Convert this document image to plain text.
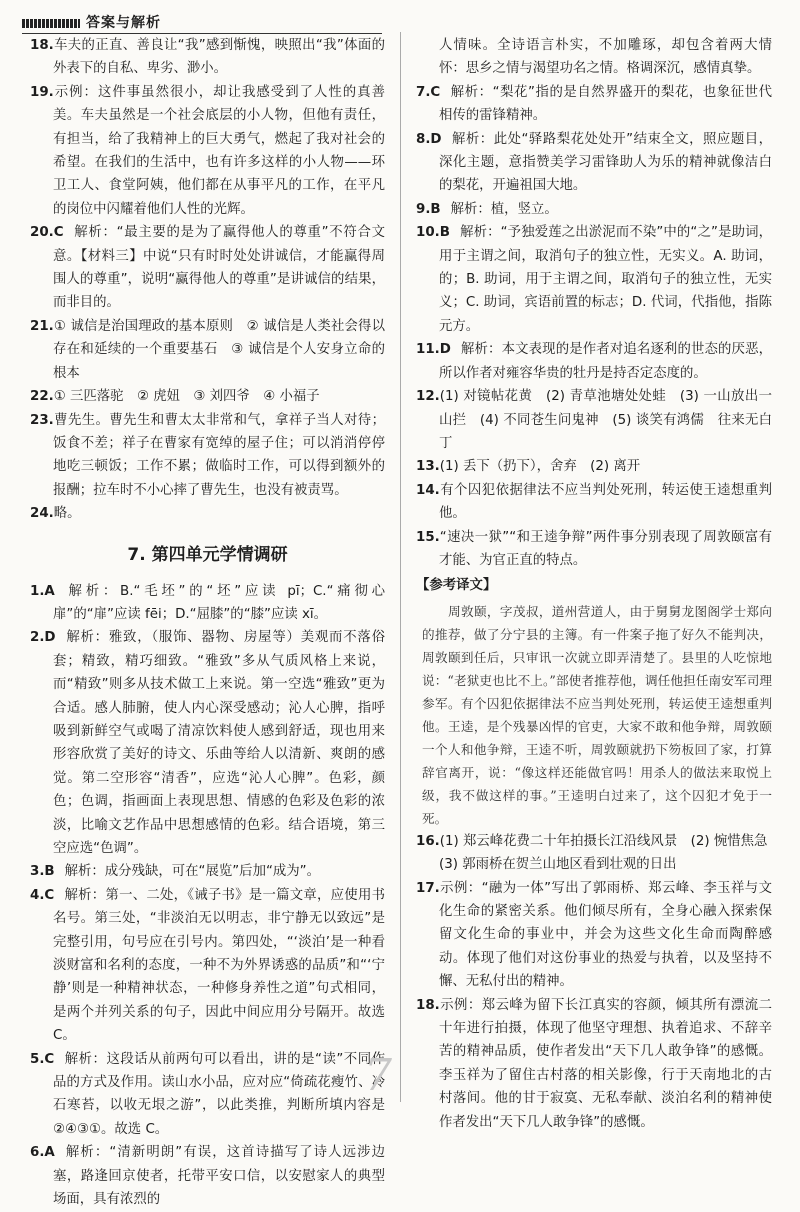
答案与解析

18.车夫的正直、善良让“我”感到惭愧，映照出“我”体面的外表下的自私、卑劣、渺小。

19.示例：这件事虽然很小，却让我感受到了人性的真善美。车夫虽然是一个社会底层的小人物，但他有责任，有担当，给了我精神上的巨大勇气，燃起了我对社会的希望。在我们的生活中，也有许多这样的小人物——环卫工人、食堂阿姨，他们都在从事平凡的工作，在平凡的岗位中闪耀着他们人性的光辉。

20.C 解析：“最主要的是为了赢得他人的尊重”不符合文意。【材料三】中说“只有时时处处讲诚信，才能赢得周围人的尊重”，说明“赢得他人的尊重”是讲诚信的结果，而非目的。

21.① 诚信是治国理政的基本原则　② 诚信是人类社会得以存在和延续的一个重要基石　③ 诚信是个人安身立命的根本

22.① 三匹落驼　② 虎妞　③ 刘四爷　④ 小福子

23.曹先生。曹先生和曹太太非常和气，拿祥子当人对待；饭食不差；祥子在曹家有宽绰的屋子住；可以消消停停地吃三顿饭；工作不累；做临时工作，可以得到额外的报酬；拉车时不小心摔了曹先生，也没有被责骂。

24.略。

7. 第四单元学情调研

1.A 解析：B.“毛坯”的“坯”应读 pī；C.“痛彻心扉”的“扉”应读 fēi；D.“屈膝”的“膝”应读 xī。

2.D 解析：雅致，（服饰、器物、房屋等）美观而不落俗套；精致，精巧细致。“雅致”多从气质风格上来说，而“精致”则多从技术做工上来说。第一空选“雅致”更为合适。感人肺腑，使人内心深受感动；沁人心脾，指呼吸到新鲜空气或喝了清凉饮料使人感到舒适，现也用来形容欣赏了美好的诗文、乐曲等给人以清新、爽朗的感觉。第二空形容“清香”，应选“沁人心脾”。色彩，颜色；色调，指画面上表现思想、情感的色彩及色彩的浓淡，比喻文艺作品中思想感情的色彩。结合语境，第三空应选“色调”。

3.B 解析：成分残缺，可在“展览”后加“成为”。

4.C 解析：第一、二处，《诫子书》是一篇文章，应使用书名号。第三处，“非淡泊无以明志，非宁静无以致远”是完整引用，句号应在引号内。第四处，“‘淡泊’是一种看淡财富和名利的态度，一种不为外界诱惑的品质”和“‘宁静’则是一种精神状态，一种修身养性之道”句式相同，是两个并列关系的句子，因此中间应用分号隔开。故选 C。

5.C 解析：这段话从前两句可以看出，讲的是“读”不同作品的方式及作用。读山水小品，应对应“倚疏花瘦竹、冷石寒苔，以收无垠之游”，以此类推，判断所填内容是 ②④③①。故选 C。

6.A 解析：“清新明朗”有误，这首诗描写了诗人远涉边塞，路逢回京使者，托带平安口信，以安慰家人的典型场面，具有浓烈的

人情味。全诗语言朴实，不加雕琢，却包含着两大情怀：思乡之情与渴望功名之情。格调深沉，感情真挚。

7.C 解析：“梨花”指的是自然界盛开的梨花，也象征世代相传的雷锋精神。

8.D 解析：此处“驿路梨花处处开”结束全文，照应题目，深化主题，意指赞美学习雷锋助人为乐的精神就像洁白的梨花，开遍祖国大地。

9.B 解析：植，竖立。

10.B 解析：“予独爱莲之出淤泥而不染”中的“之”是助词，用于主谓之间，取消句子的独立性，无实义。A. 助词，的；B. 助词，用于主谓之间，取消句子的独立性，无实义；C. 助词，宾语前置的标志；D. 代词，代指他，指陈元方。

11.D 解析：本文表现的是作者对追名逐利的世态的厌恶，所以作者对雍容华贵的牡丹是持否定态度的。

12.(1) 对镜帖花黄　(2) 青草池塘处处蛙　(3) 一山放出一山拦　(4) 不同苍生问鬼神　(5) 谈笑有鸿儒　往来无白丁

13.(1) 丢下（扔下），舍弃　(2) 离开

14.有个囚犯依据律法不应当判处死刑，转运使王逵想重判他。

15.“速决一狱”“和王逵争辩”两件事分别表现了周敦颐富有才能、为官正直的特点。

【参考译文】

周敦颐，字茂叔，道州营道人，由于舅舅龙图阁学士郑向的推荐，做了分宁县的主簿。有一件案子拖了好久不能判决，周敦颐到任后，只审讯一次就立即弄清楚了。县里的人吃惊地说：“老狱吏也比不上。”部使者推荐他，调任他担任南安军司理参军。有个囚犯依据律法不应当判处死刑，转运使王逵想重判他。王逵，是个残暴凶悍的官吏，大家不敢和他争辩，周敦颐一个人和他争辩，王逵不听，周敦颐就扔下笏板回了家，打算辞官离开，说：“像这样还能做官吗！用杀人的做法来取悦上级，我不做这样的事。”王逵明白过来了，这个囚犯才免于一死。

16.(1) 郑云峰花费二十年拍摄长江沿线风景　(2) 惋惜焦急

(3) 郭雨桥在贺兰山地区看到壮观的日出

17.示例：“融为一体”写出了郭雨桥、郑云峰、李玉祥与文化生命的紧密关系。他们倾尽所有，全身心融入探索保留文化生命的事业中，并会为这些文化生命而陶醉感动。体现了他们对这份事业的热爱与执着，以及坚持不懈、无私付出的精神。

18.示例：郑云峰为留下长江真实的容颜，倾其所有漂流二十年进行拍摄，体现了他坚守理想、执着追求、不辞辛苦的精神品质，使作者发出“天下几人敢争锋”的感慨。李玉祥为了留住古村落的相关影像，行于天南地北的古村落间。他的甘于寂寞、无私奉献、淡泊名利的精神使作者发出“天下几人敢争锋”的感慨。

7
